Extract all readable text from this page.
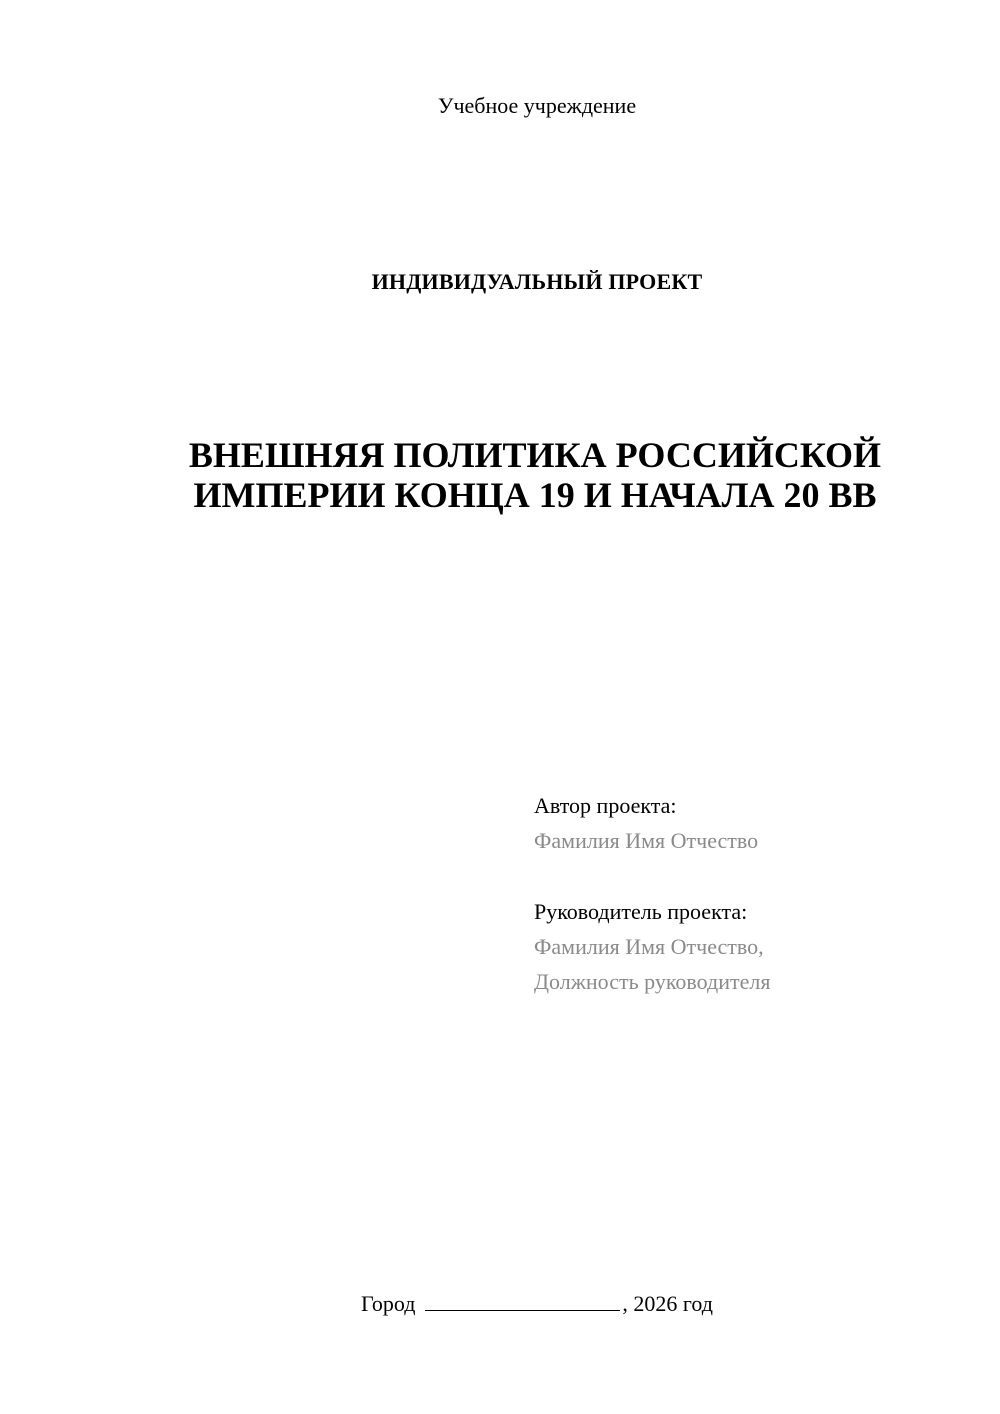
Учебное учреждение
ИНДИВИДУАЛЬНЫЙ ПРОЕКТ
ВНЕШНЯЯ ПОЛИТИКА РОССИЙСКОЙ
ИМПЕРИИ КОНЦА 19 И НАЧАЛА 20 ВВ
Автор проекта:
Фамилия Имя Отчество
Руководитель проекта:
Фамилия Имя Отчество,
Должность руководителя
Город	, 2026 год
